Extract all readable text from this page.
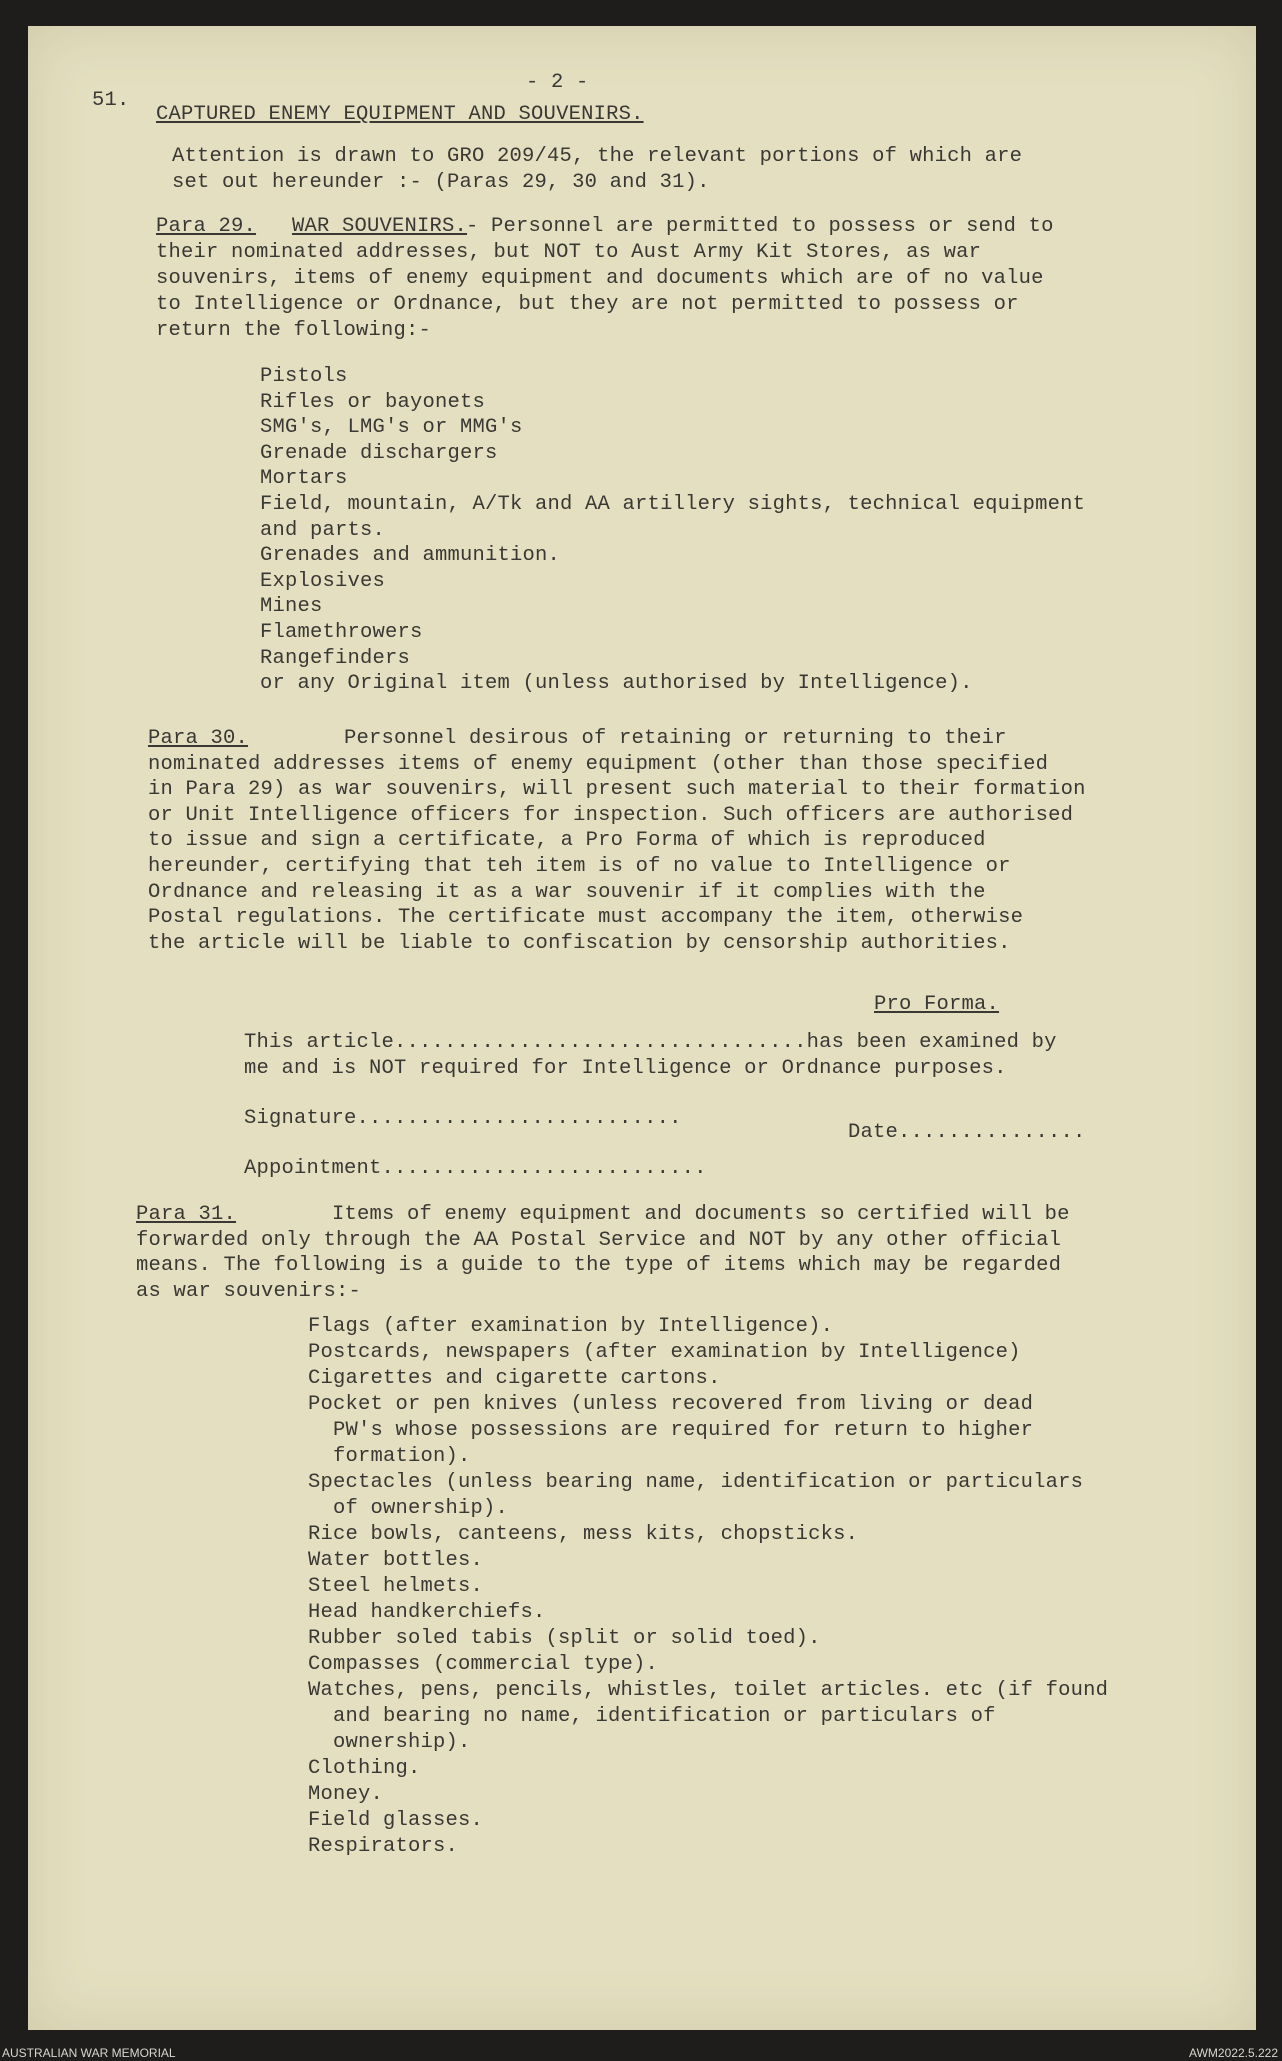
- 2 -
51.
CAPTURED ENEMY EQUIPMENT AND SOUVENIRS.
Attention is drawn to GRO 209/45, the relevant portions of which are
set out hereunder :- (Paras 29, 30 and 31).
Para 29. WAR SOUVENIRS.
- Personnel are permitted to possess or send to
their nominated addresses, but NOT to Aust Army Kit Stores, as war
souvenirs, items of enemy equipment and documents which are of no value
to Intelligence or Ordnance, but they are not permitted to possess or
return the following:-
Pistols
Rifles or bayonets
SMG's, LMG's or MMG's
Grenade dischargers
Mortars
Field, mountain, A/Tk and AA artillery sights, technical equipment
and parts.
Grenades and ammunition.
Explosives
Mines
Flamethrowers
Rangefinders
or any Original item (unless authorised by Intelligence).
Para 30.	Personnel desirous of retaining or returning to their
nominated addresses items of enemy equipment (other than those specified
in Para 29) as war souvenirs, will present such material to their formation
or Unit Intelligence officers for inspection. Such officers are authorised
to issue and sign a certificate, a Pro Forma of which is reproduced
hereunder, certifying that teh item is of no value to Intelligence or
Ordnance and releasing it as a war souvenir if it complies with the
Postal regulations. The certificate must accompany the item, otherwise
the article will be liable to confiscation by censorship authorities.
Pro Forma.
This article.................................has been examined by
me and is NOT required for Intelligence or Ordnance purposes.
Signature..........................
Date...............
Appointment..........................
Para 31.	Items of enemy equipment and documents so certified will be
forwarded only through the AA Postal Service and NOT by any other official
means. The following is a guide to the type of items which may be regarded
as war souvenirs:-
Flags (after examination by Intelligence).
Postcards, newspapers (after examination by Intelligence)
Cigarettes and cigarette cartons.
Pocket or pen knives (unless recovered from living or dead
PW's whose possessions are required for return to higher
formation).
Spectacles (unless bearing name, identification or particulars
of ownership).
Rice bowls, canteens, mess kits, chopsticks.
Water bottles.
Steel helmets.
Head handkerchiefs.
Rubber soled tabis (split or solid toed).
Compasses (commercial type).
Watches, pens, pencils, whistles, toilet articles. etc (if found
and bearing no name, identification or particulars of
ownership).
Clothing.
Money.
Field glasses.
Respirators.
AUSTRALIAN WAR MEMORIAL	AWM2022.5.222
